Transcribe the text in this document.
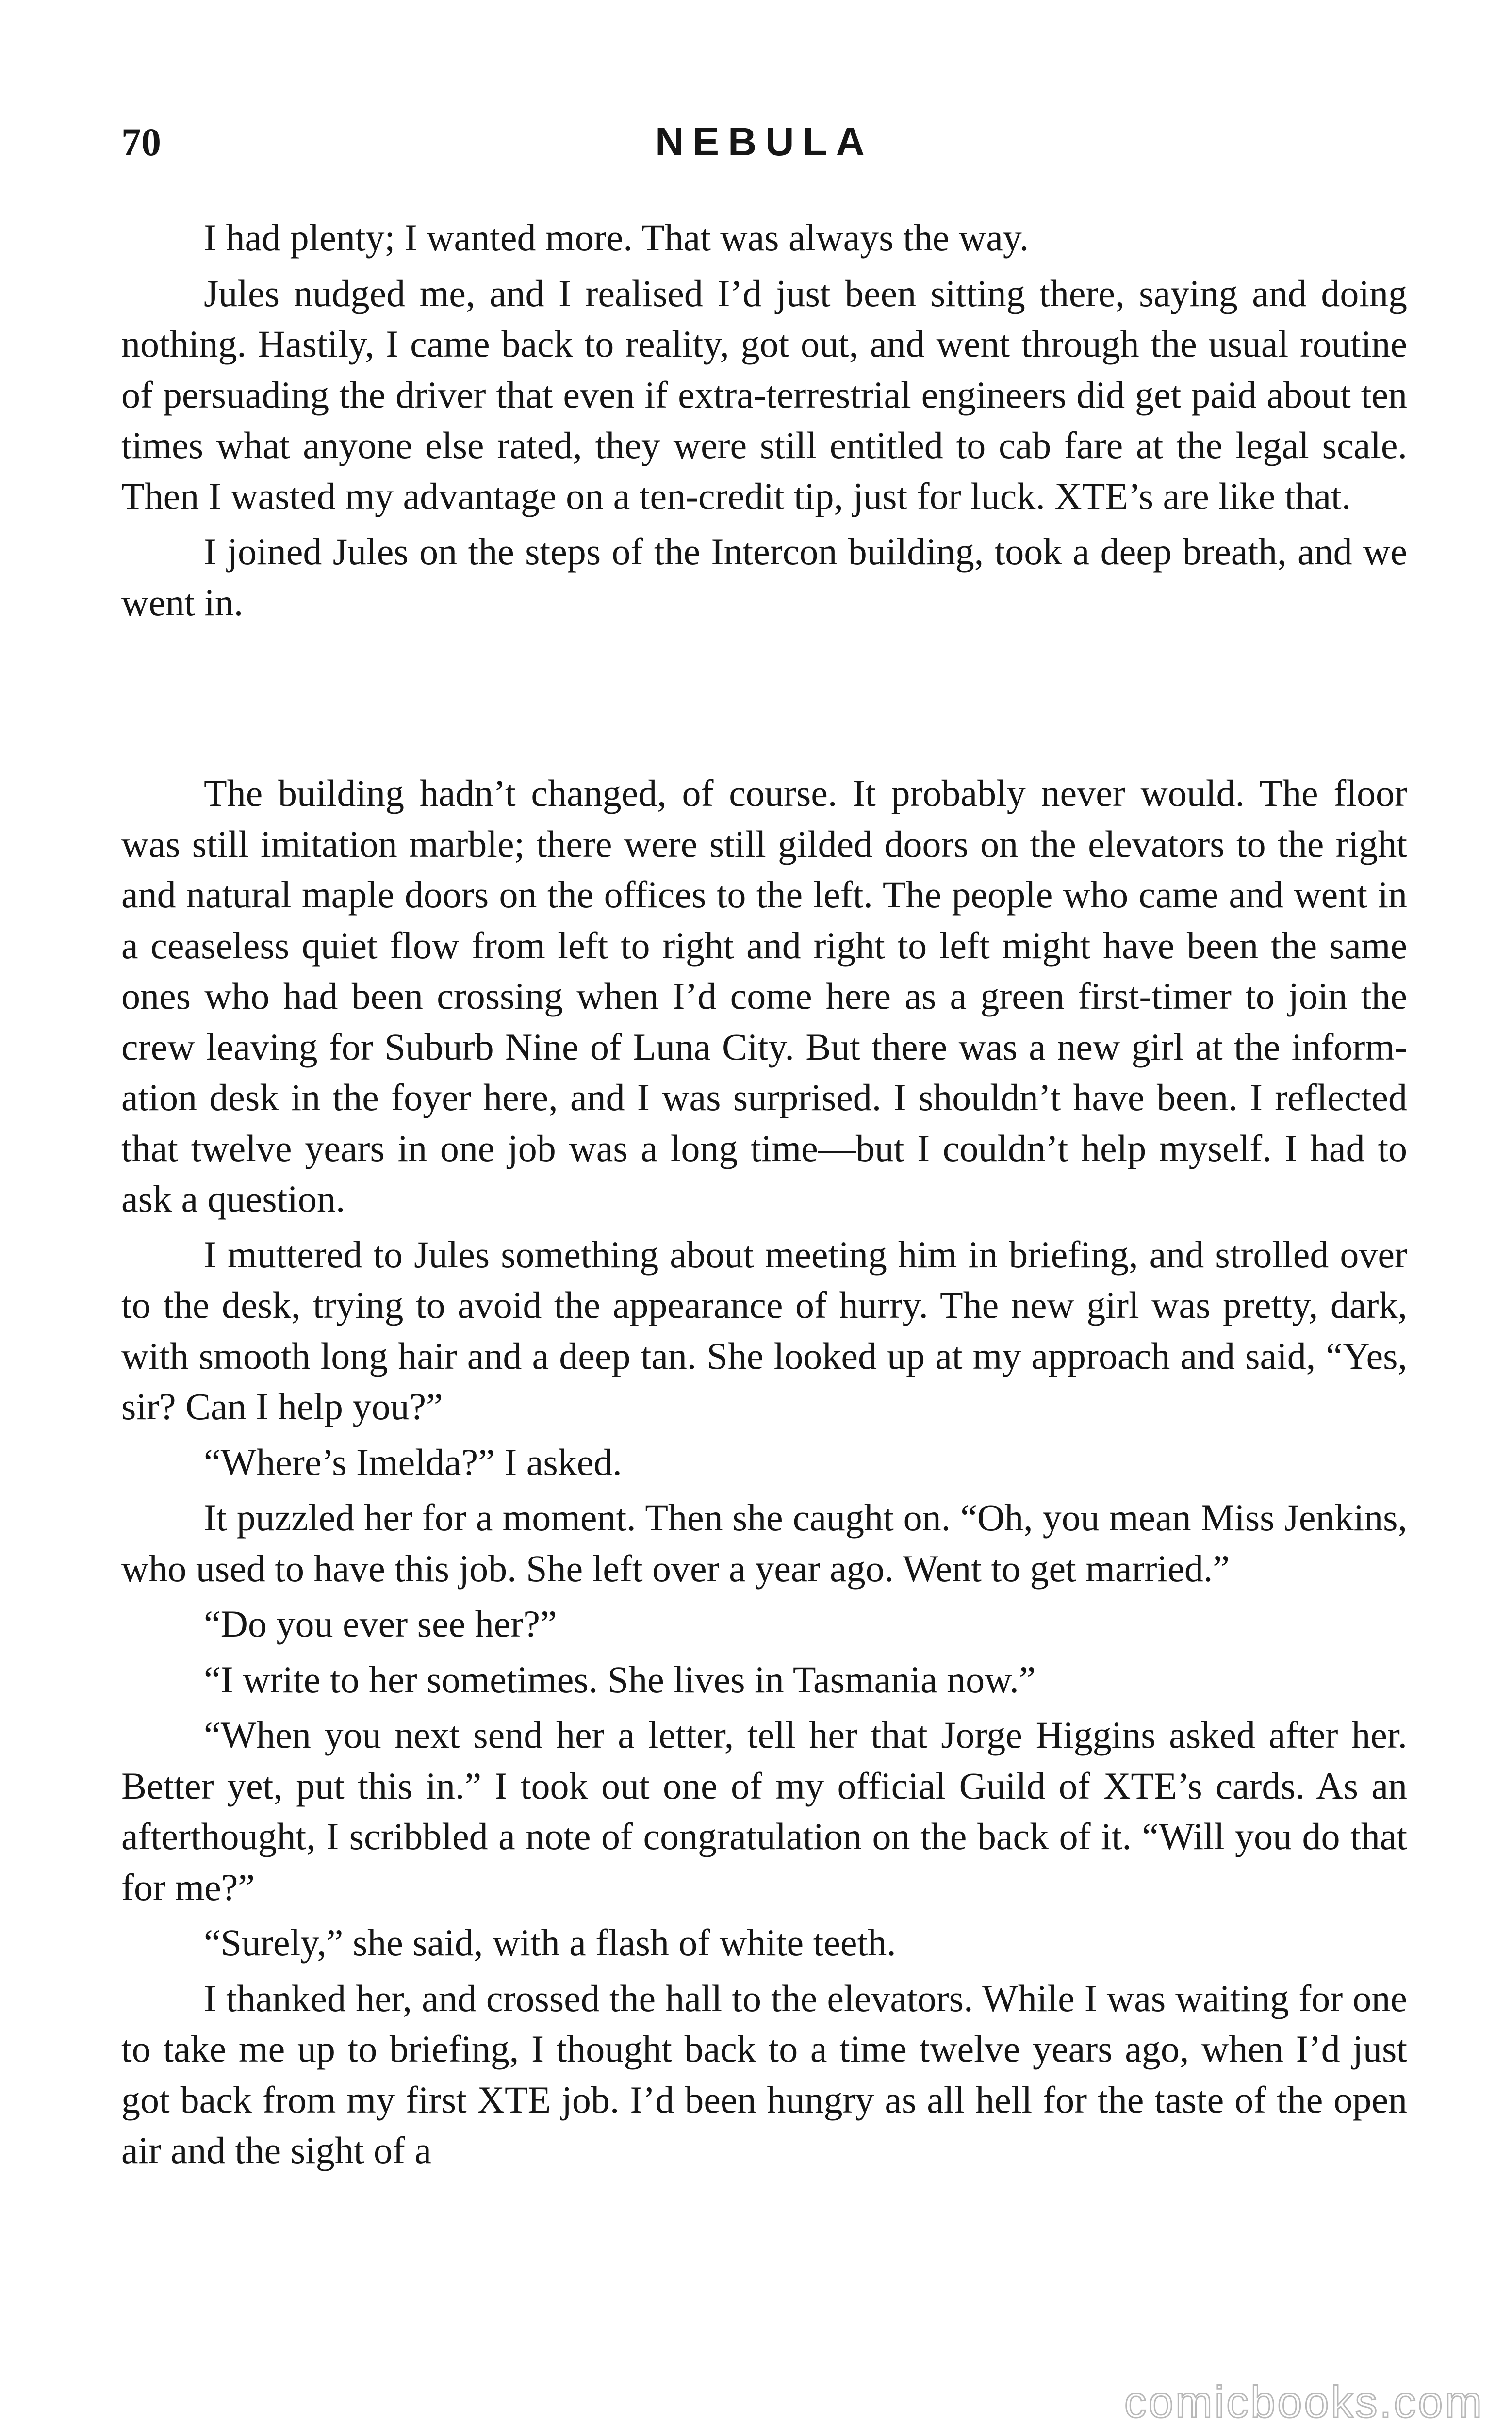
70	NEBULA

I had plenty; I wanted more. That was always the way.

Jules nudged me, and I realised I’d just been sitting there, saying and doing nothing. Hastily, I came back to reality, got out, and went through the usual routine of persuading the driver that even if extra-terrestrial engineers did get paid about ten times what anyone else rated, they were still entitled to cab fare at the legal scale. Then I wasted my advantage on a ten-credit tip, just for luck. XTE’s are like that.

I joined Jules on the steps of the Intercon building, took a deep breath, and we went in.

The building hadn’t changed, of course. It probably never would. The floor was still imitation marble; there were still gilded doors on the elevators to the right and natural maple doors on the offices to the left. The people who came and went in a ceaseless quiet flow from left to right and right to left might have been the same ones who had been crossing when I’d come here as a green first-timer to join the crew leaving for Suburb Nine of Luna City. But there was a new girl at the inform-ation desk in the foyer here, and I was surprised. I shouldn’t have been. I reflected that twelve years in one job was a long time—but I couldn’t help myself. I had to ask a question.

I muttered to Jules something about meeting him in briefing, and strolled over to the desk, trying to avoid the appearance of hurry. The new girl was pretty, dark, with smooth long hair and a deep tan. She looked up at my approach and said, “Yes, sir? Can I help you?”

“Where’s Imelda?” I asked.

It puzzled her for a moment. Then she caught on. “Oh, you mean Miss Jenkins, who used to have this job. She left over a year ago. Went to get married.”

“Do you ever see her?”

“I write to her sometimes. She lives in Tasmania now.”

“When you next send her a letter, tell her that Jorge Higgins asked after her. Better yet, put this in.” I took out one of my official Guild of XTE’s cards. As an afterthought, I scribbled a note of congratulation on the back of it. “Will you do that for me?”

“Surely,” she said, with a flash of white teeth.

I thanked her, and crossed the hall to the elevators. While I was waiting for one to take me up to briefing, I thought back to a time twelve years ago, when I’d just got back from my first XTE job. I’d been hungry as all hell for the taste of the open air and the sight of a

comicbooks.com
